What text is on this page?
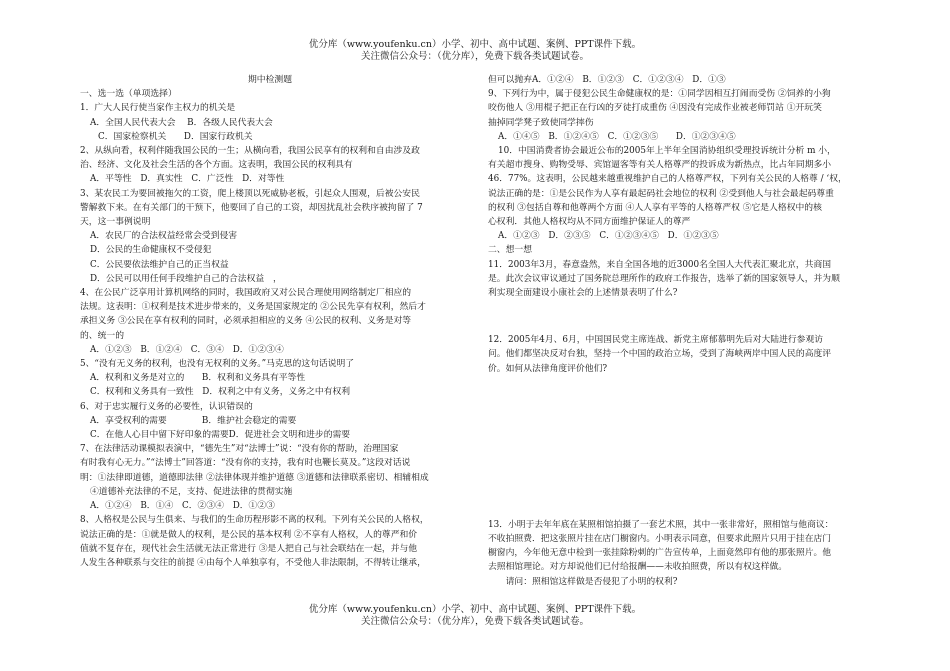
优分库（www.youfenku.cn）小学、初中、高中试题、案例、PPT课件下载。
关注微信公众号：（优分库），免费下载各类试题试卷。

期中检测题

一、选一选（单项选择）

1．广大人民行使当家作主权力的机关是

A．全国人民代表大会　 B．各级人民代表大会

C．国家检察机关　　D．国家行政机关

2、从纵向看，权利伴随我国公民的一生；从横向看，我国公民享有的权利和自由涉及政

治、经济、文化及社会生活的各个方面。这表明，我国公民的权利具有

A．平等性　D．真实性　C．广泛性　D．对等性

3、某农民工为要回被拖欠的工资，爬上楼顶以死威胁老板，引起众人围观，后被公安民

警解救下来。在有关部门的干预下，他要回了自己的工资，却因扰乱社会秩序被拘留了 7

天，这一事例说明

A．农民厂的合法权益经常会受到侵害

D．公民的生命健康权不受侵犯

C．公民要依法维护自己的正当权益

D．公民可以用任何手段维护自己的合法权益　，

4、在公民广泛享用计算机网络的同时，我国政府又对公民合理使用网络制定厂相应的

法规。这表明：①权利是技术进步带来的，义务是国家规定的 ②公民先享有权利，然后才

承担义务 ③公民在享有权利的同时，必须承担相应的义务 ④公民的权利、义务是对等

的、统一的

A．①②③　B．①②④　C．③④　D．①②③④

5、“没有无义务的权利，也没有无权利的义务。”马克思的这句话说明了

A．权利和义务是对立的　　B．权利和义务具有平等性

C．权利和义务具有一致性　D．权利之中有义务，义务之中有权利

6、对于忠实履行义务的必要性，认识错误的

A．享受权利的需要　　　　B．维护社会稳定的需要

C．在他人心目中留下好印象的需要D．促进社会文明和进步的需要

7、在法律活动课模拟表演中，“德先生”对“法博士”说：“没有你的帮助，治理国家

有时我有心无力。”“法博士”回答道：“没有你的支持，我有时也鞭长莫及。”这段对话说

明：①法律即道德，道德即法律 ②法律体现并维护道德 ③道德和法律联系密切、相辅相成

④道德补充法律的不足，支持、促进法律的贯彻实施

A．①②④　B．①④　C．②③④　D．①②③

8、人格权是公民与生俱来、与我们的生命历程形影不离的权利。下列有关公民的人格权，

说法正确的是：①就是做人的权利，是公民的基本权利 ②不享有人格权，人的尊严和价

值就不复存在，现代社会生活就无法正常进行 ③是人把自己与社会联结在一起，并与他

人发生各种联系与交往的前提 ④由每个人单独享有，不受他人非法限制，不得转让继承，

但可以抛弃A．①②④　B．①②③　C．①②③④　D．①③

9、下列行为中，属于侵犯公民生命健康权的是：①同学因相互打闹而受伤 ②饲养的小狗

咬伤他人 ③用棍子把正在行凶的歹徒打成重伤 ④因没有完成作业被老师罚站 ①开玩笑

抽掉同学凳子致使同学摔伤

A．①④⑤　B．①②④⑤　C．①②③⑤　　D．①②③④⑤

10．中国消费者协会最近公布的2005年上半年全国消协组织受理投诉统计分析 m 小，

有关超市搜身、购物受辱、宾馆逼客等有关人格尊严的投诉成为新热点，比占年同期多小

46．77%。这表明，公民越来越重视维护自己的人格尊严权，下列有关公民的人格尊 / ‘权，

说法正确的是：①是公民作为人享有最起码社会地位的权利 ②受到他人与社会最起码尊重

的权利 ③包括自尊和他尊两个方面 ④人人享有平等的人格尊严权 ⑤它是人格权中的核

心权利．其他人格权均从不同方面维护保证人的尊严

A．①②③　D．②③⑤　C．①②③④⑤　D．①②③⑤

二、想一想

11．2003年3月，春意盎然，来自全国各地的近3000名全国人大代表汇聚北京，共商国

是。此次会议审议通过了国务院总理所作的政府工作报告，选举了新的国家领导人，并为顺

利实现全面建设小康社会的上述情景表明了什么?

12．2005年4月、6月，中国国民党主席连战、新党主席郁慕明先后对大陆进行参观访

问。他们都坚决反对台独，坚持一个中国的政治立场，受到了海峡两岸中国人民的高度评

价。如何从法律角度评价他们?

13．小明于去年年底在某照相馆拍摄了一套艺术照，其中一张非常好，照相馆与他商议：

不收拍照费．把这张照片挂在店门橱窗内。小明表示同意，但要求此照片只用于挂在店门

橱窗内，今年他无意中检到一张挂除粉刺的广告宣传单，上面竟然印有他的那张照片。他

去照相馆理论。对方却说他们已付给报酬——未收拍照费，所以有权这样做。

　　请问：照相馆这样做是否侵犯了小明的权利?

优分库（www.youfenku.cn）小学、初中、高中试题、案例、PPT课件下载。
关注微信公众号：（优分库），免费下载各类试题试卷。
